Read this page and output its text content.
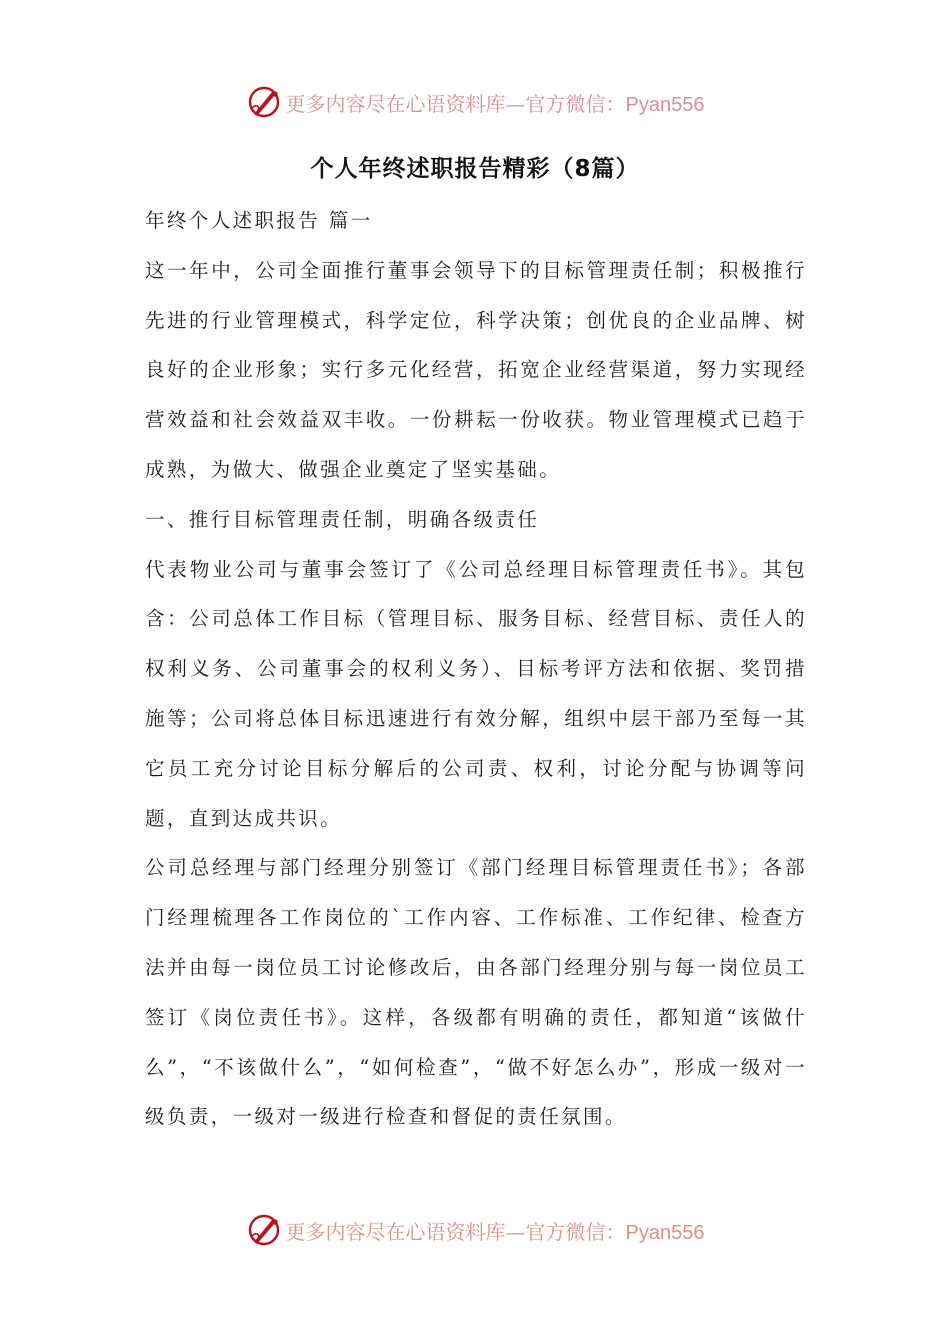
更多内容尽在心语资料库—官方微信：Pyan556
个人年终述职报告精彩（8篇）

年终个人述职报告 篇一

这一年中，公司全面推行董事会领导下的目标管理责任制；积极推行先进的行业管理模式，科学定位，科学决策；创优良的企业品牌、树良好的企业形象；实行多元化经营，拓宽企业经营渠道，努力实现经营效益和社会效益双丰收。一份耕耘一份收获。物业管理模式已趋于成熟，为做大、做强企业奠定了坚实基础。

一、推行目标管理责任制，明确各级责任

代表物业公司与董事会签订了《公司总经理目标管理责任书》。其包含：公司总体工作目标（管理目标、服务目标、经营目标、责任人的权利义务、公司董事会的权利义务）、目标考评方法和依据、奖罚措施等；公司将总体目标迅速进行有效分解，组织中层干部乃至每一其它员工充分讨论目标分解后的公司责、权利，讨论分配与协调等问题，直到达成共识。

公司总经理与部门经理分别签订《部门经理目标管理责任书》；各部门经理梳理各工作岗位的`工作内容、工作标准、工作纪律、检查方法并由每一岗位员工讨论修改后，由各部门经理分别与每一岗位员工签订《岗位责任书》。这样，各级都有明确的责任，都知道“该做什么”，“不该做什么”，“如何检查”，“做不好怎么办”，形成一级对一级负责，一级对一级进行检查和督促的责任氛围。

更多内容尽在心语资料库—官方微信：Pyan556
